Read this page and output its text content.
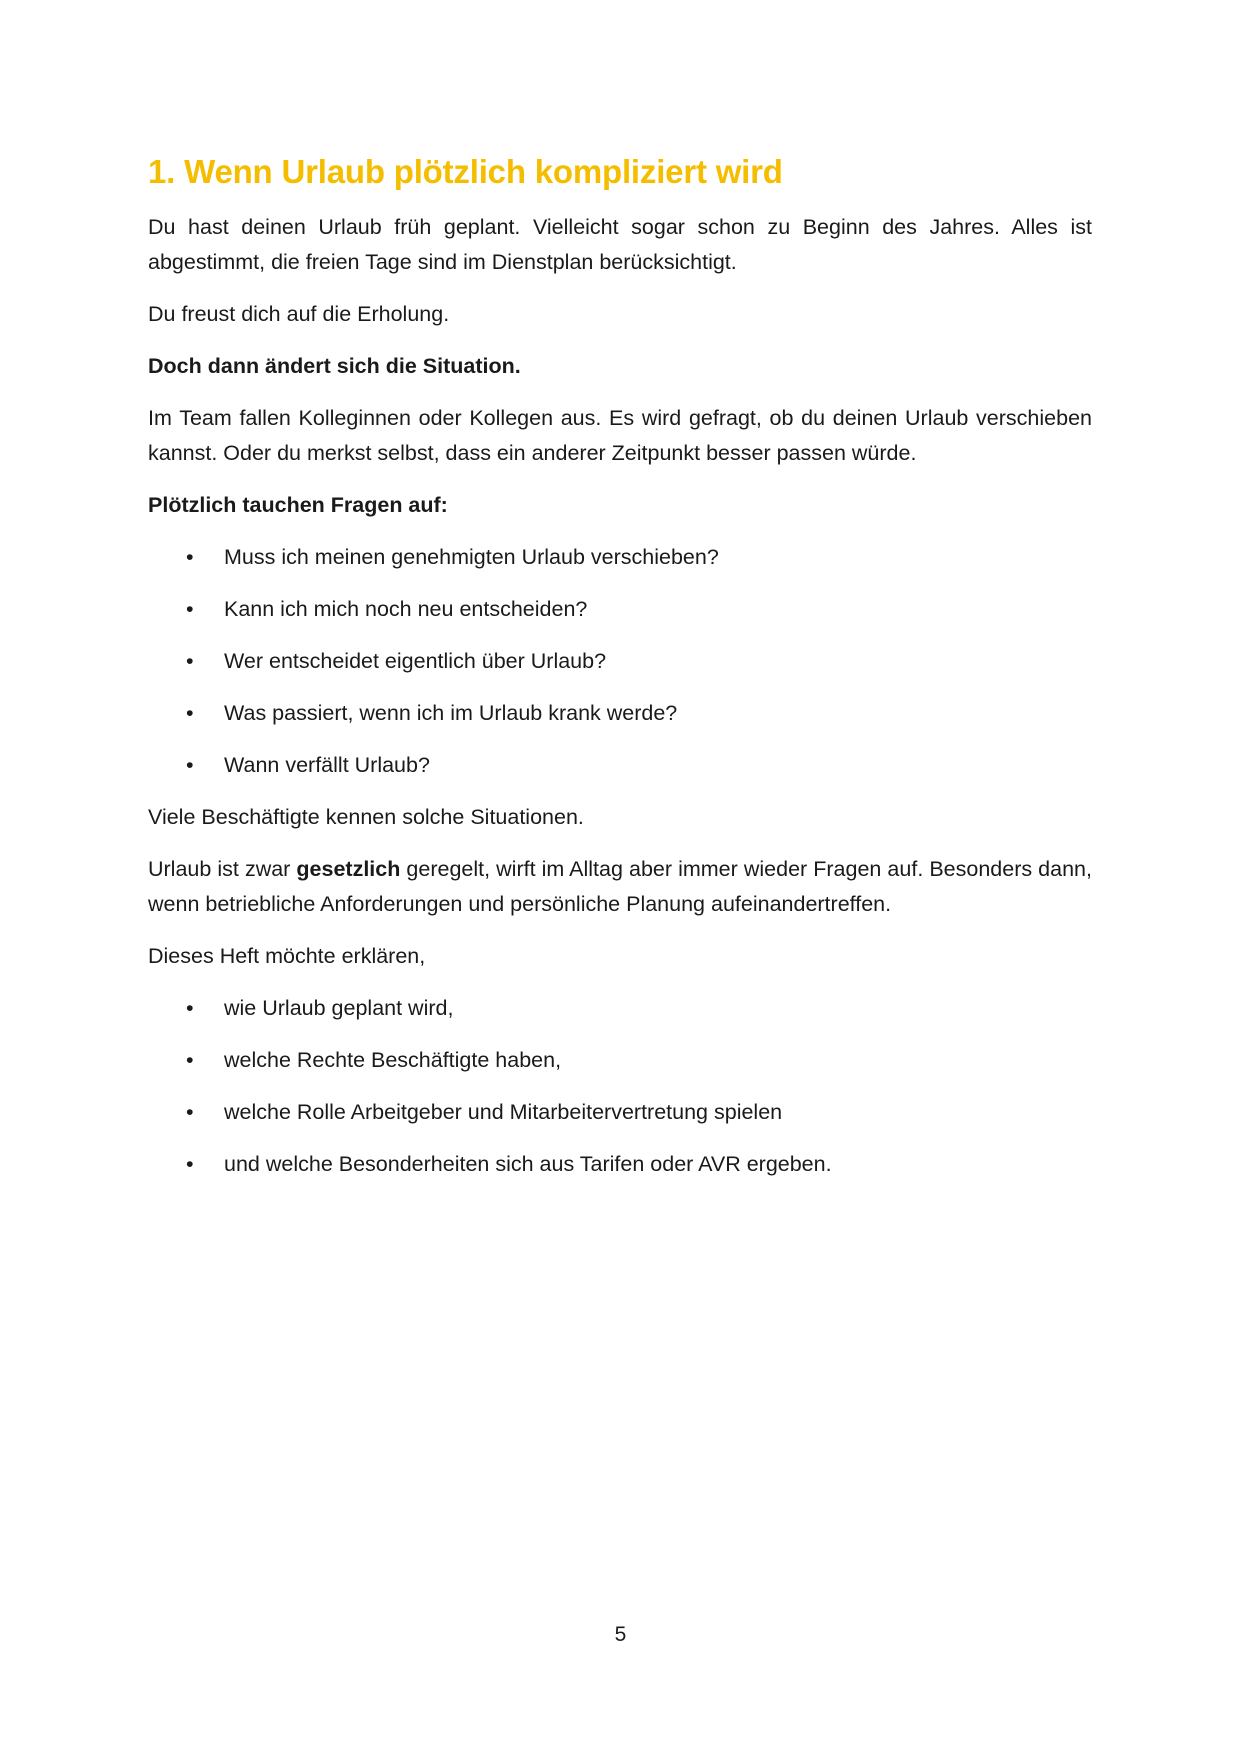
1. Wenn Urlaub plötzlich kompliziert wird

Du hast deinen Urlaub früh geplant. Vielleicht sogar schon zu Beginn des Jahres. Alles ist abgestimmt, die freien Tage sind im Dienstplan berücksichtigt.

Du freust dich auf die Erholung.

Doch dann ändert sich die Situation.

Im Team fallen Kolleginnen oder Kollegen aus. Es wird gefragt, ob du deinen Urlaub verschieben kannst. Oder du merkst selbst, dass ein anderer Zeitpunkt besser passen würde.

Plötzlich tauchen Fragen auf:

• Muss ich meinen genehmigten Urlaub verschieben?
• Kann ich mich noch neu entscheiden?
• Wer entscheidet eigentlich über Urlaub?
• Was passiert, wenn ich im Urlaub krank werde?
• Wann verfällt Urlaub?

Viele Beschäftigte kennen solche Situationen.

Urlaub ist zwar gesetzlich geregelt, wirft im Alltag aber immer wieder Fragen auf. Besonders dann, wenn betriebliche Anforderungen und persönliche Planung aufeinandertreffen.

Dieses Heft möchte erklären,

• wie Urlaub geplant wird,
• welche Rechte Beschäftigte haben,
• welche Rolle Arbeitgeber und Mitarbeitervertretung spielen
• und welche Besonderheiten sich aus Tarifen oder AVR ergeben.
5
